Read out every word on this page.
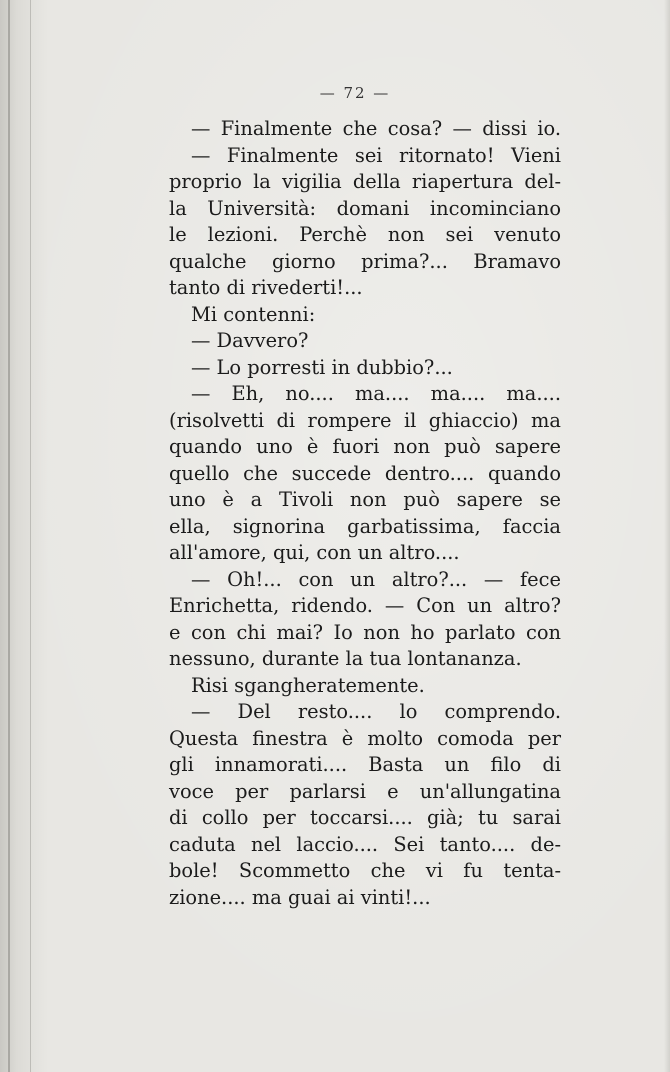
— 72 —
— Finalmente che cosa? — dissi io.
— Finalmente sei ritornato! Vieni
proprio la vigilia della riapertura del-
la Università: domani incominciano
le lezioni. Perchè non sei venuto
qualche giorno prima?... Bramavo
tanto di rivederti!...
Mi contenni:
— Davvero?
— Lo porresti in dubbio?...
— Eh, no.... ma.... ma.... ma....
(risolvetti di rompere il ghiaccio) ma
quando uno è fuori non può sapere
quello che succede dentro.... quando
uno è a Tivoli non può sapere se
ella, signorina garbatissima, faccia
all'amore, qui, con un altro....
— Oh!... con un altro?... — fece
Enrichetta, ridendo. — Con un altro?
e con chi mai? Io non ho parlato con
nessuno, durante la tua lontananza.
Risi sgangheratemente.
— Del resto.... lo comprendo.
Questa finestra è molto comoda per
gli innamorati.... Basta un filo di
voce per parlarsi e un'allungatina
di collo per toccarsi.... già; tu sarai
caduta nel laccio.... Sei tanto.... de-
bole! Scommetto che vi fu tenta-
zione.... ma guai ai vinti!...
